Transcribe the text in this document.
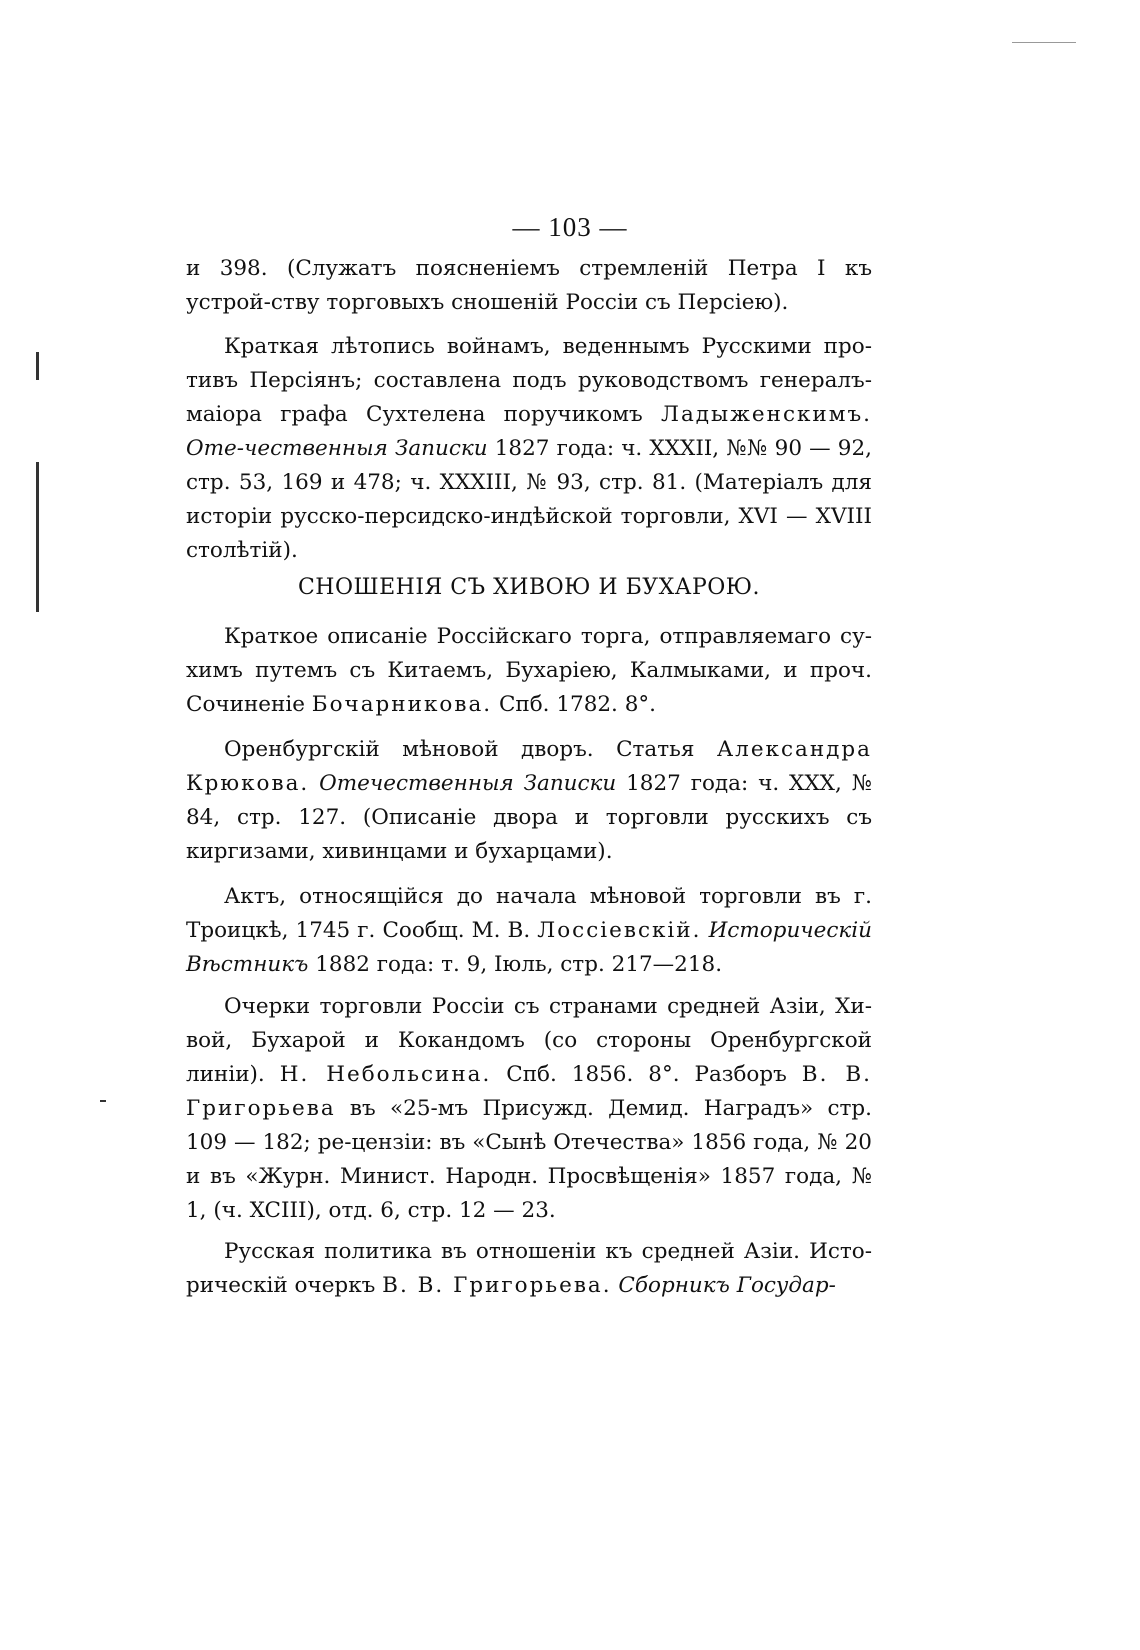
— 103 —
и 398. (Служатъ поясненіемъ стремленій Петра I къ устрой-ству торговыхъ сношеній Россіи съ Персіею).
Краткая лѣтопись войнамъ, веденнымъ Русскими про-тивъ Персіянъ; составлена подъ руководствомъ генералъ-маіора графа Сухтелена поручикомъ Ладыженскимъ. Оте-чественныя Записки 1827 года: ч. XXXII, №№ 90 — 92, стр. 53, 169 и 478; ч. XXXIII, № 93, стр. 81. (Матеріалъ для исторіи русско-персидско-индѣйской торговли, XVI — XVIII столѣтій).
СНОШЕНІЯ СЪ ХИВОЮ И БУХАРОЮ.
Краткое описаніе Россійскаго торга, отправляемаго су-химъ путемъ съ Китаемъ, Бухаріею, Калмыками, и проч. Сочиненіе Бочарникова. Спб. 1782. 8°.
Оренбургскій мѣновой дворъ. Статья Александра Крюкова. Отечественныя Записки 1827 года: ч. XXX, № 84, стр. 127. (Описаніе двора и торговли русскихъ съ киргизами, хивинцами и бухарцами).
Актъ, относящійся до начала мѣновой торговли въ г. Троицкѣ, 1745 г. Сообщ. М. В. Лоссіевскій. Историческій Вѣстникъ 1882 года: т. 9, Іюль, стр. 217—218.
Очерки торговли Россіи съ странами средней Азіи, Хи-вой, Бухарой и Кокандомъ (со стороны Оренбургской линіи). Н. Небольсина. Спб. 1856. 8°. Разборъ В. В. Григорьева въ «25-мъ Присужд. Демид. Наградъ» стр. 109 — 182; ре-цензіи: въ «Сынѣ Отечества» 1856 года, № 20 и въ «Журн. Минист. Народн. Просвѣщенія» 1857 года, № 1, (ч. XCIII), отд. 6, стр. 12 — 23.
Русская политика въ отношеніи къ средней Азіи. Исто-рическій очеркъ В. В. Григорьева. Сборникъ Государ-
